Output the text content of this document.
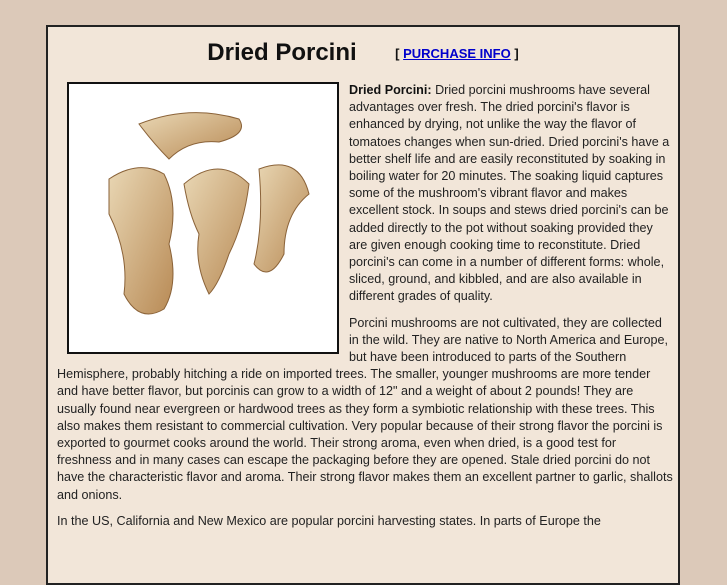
Dried Porcini	[ PURCHASE INFO ]

Dried Porcini: Dried porcini mushrooms have several advantages over fresh. The dried porcini's flavor is enhanced by drying, not unlike the way the flavor of tomatoes changes when sun-dried. Dried porcini's have a better shelf life and are easily reconstituted by soaking in boiling water for 20 minutes. The soaking liquid captures some of the mushroom's vibrant flavor and makes excellent stock. In soups and stews dried porcini's can be added directly to the pot without soaking provided they are given enough cooking time to reconstitute. Dried porcini's can come in a number of different forms: whole, sliced, ground, and kibbled, and are also available in different grades of quality.

Porcini mushrooms are not cultivated, they are collected in the wild. They are native to North America and Europe, but have been introduced to parts of the Southern Hemisphere, probably hitching a ride on imported trees. The smaller, younger mushrooms are more tender and have better flavor, but porcinis can grow to a width of 12" and a weight of about 2 pounds! They are usually found near evergreen or hardwood trees as they form a symbiotic relationship with these trees. This also makes them resistant to commercial cultivation. Very popular because of their strong flavor the porcini is exported to gourmet cooks around the world. Their strong aroma, even when dried, is a good test for freshness and in many cases can escape the packaging before they are opened. Stale dried porcini do not have the characteristic flavor and aroma. Their strong flavor makes them an excellent partner to garlic, shallots and onions.

In the US, California and New Mexico are popular porcini harvesting states. In parts of Europe the
